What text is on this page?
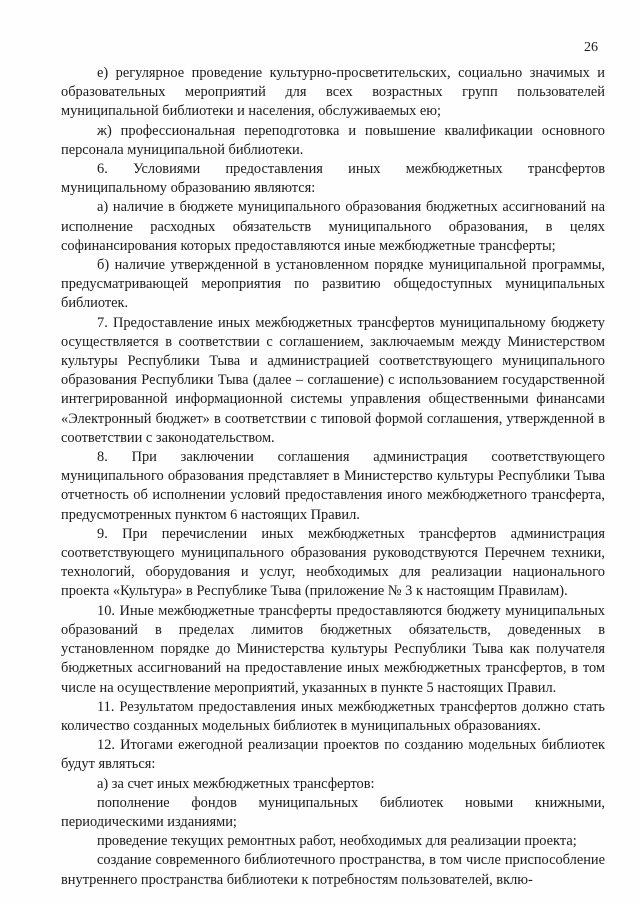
26

е) регулярное проведение культурно-просветительских, социально значимых и образовательных мероприятий для всех возрастных групп пользователей муниципальной библиотеки и населения, обслуживаемых ею;

ж) профессиональная переподготовка и повышение квалификации основного персонала муниципальной библиотеки.

6. Условиями предоставления иных межбюджетных трансфертов муниципальному образованию являются:

а) наличие в бюджете муниципального образования бюджетных ассигнований на исполнение расходных обязательств муниципального образования, в целях софинансирования которых предоставляются иные межбюджетные трансферты;

б) наличие утвержденной в установленном порядке муниципальной программы, предусматривающей мероприятия по развитию общедоступных муниципальных библиотек.

7. Предоставление иных межбюджетных трансфертов муниципальному бюджету осуществляется в соответствии с соглашением, заключаемым между Министерством культуры Республики Тыва и администрацией соответствующего муниципального образования Республики Тыва (далее – соглашение) с использованием государственной интегрированной информационной системы управления общественными финансами «Электронный бюджет» в соответствии с типовой формой соглашения, утвержденной в соответствии с законодательством.

8. При заключении соглашения администрация соответствующего муниципального образования представляет в Министерство культуры Республики Тыва отчетность об исполнении условий предоставления иного межбюджетного трансферта, предусмотренных пунктом 6 настоящих Правил.

9. При перечислении иных межбюджетных трансфертов администрация соответствующего муниципального образования руководствуются Перечнем техники, технологий, оборудования и услуг, необходимых для реализации национального проекта «Культура» в Республике Тыва (приложение № 3 к настоящим Правилам).

10. Иные межбюджетные трансферты предоставляются бюджету муниципальных образований в пределах лимитов бюджетных обязательств, доведенных в установленном порядке до Министерства культуры Республики Тыва как получателя бюджетных ассигнований на предоставление иных межбюджетных трансфертов, в том числе на осуществление мероприятий, указанных в пункте 5 настоящих Правил.

11. Результатом предоставления иных межбюджетных трансфертов должно стать количество созданных модельных библиотек в муниципальных образованиях.

12. Итогами ежегодной реализации проектов по созданию модельных библиотек будут являться:

а) за счет иных межбюджетных трансфертов:

пополнение фондов муниципальных библиотек новыми книжными, периодическими изданиями;

проведение текущих ремонтных работ, необходимых для реализации проекта;

создание современного библиотечного пространства, в том числе приспособление внутреннего пространства библиотеки к потребностям пользователей, вклю-
